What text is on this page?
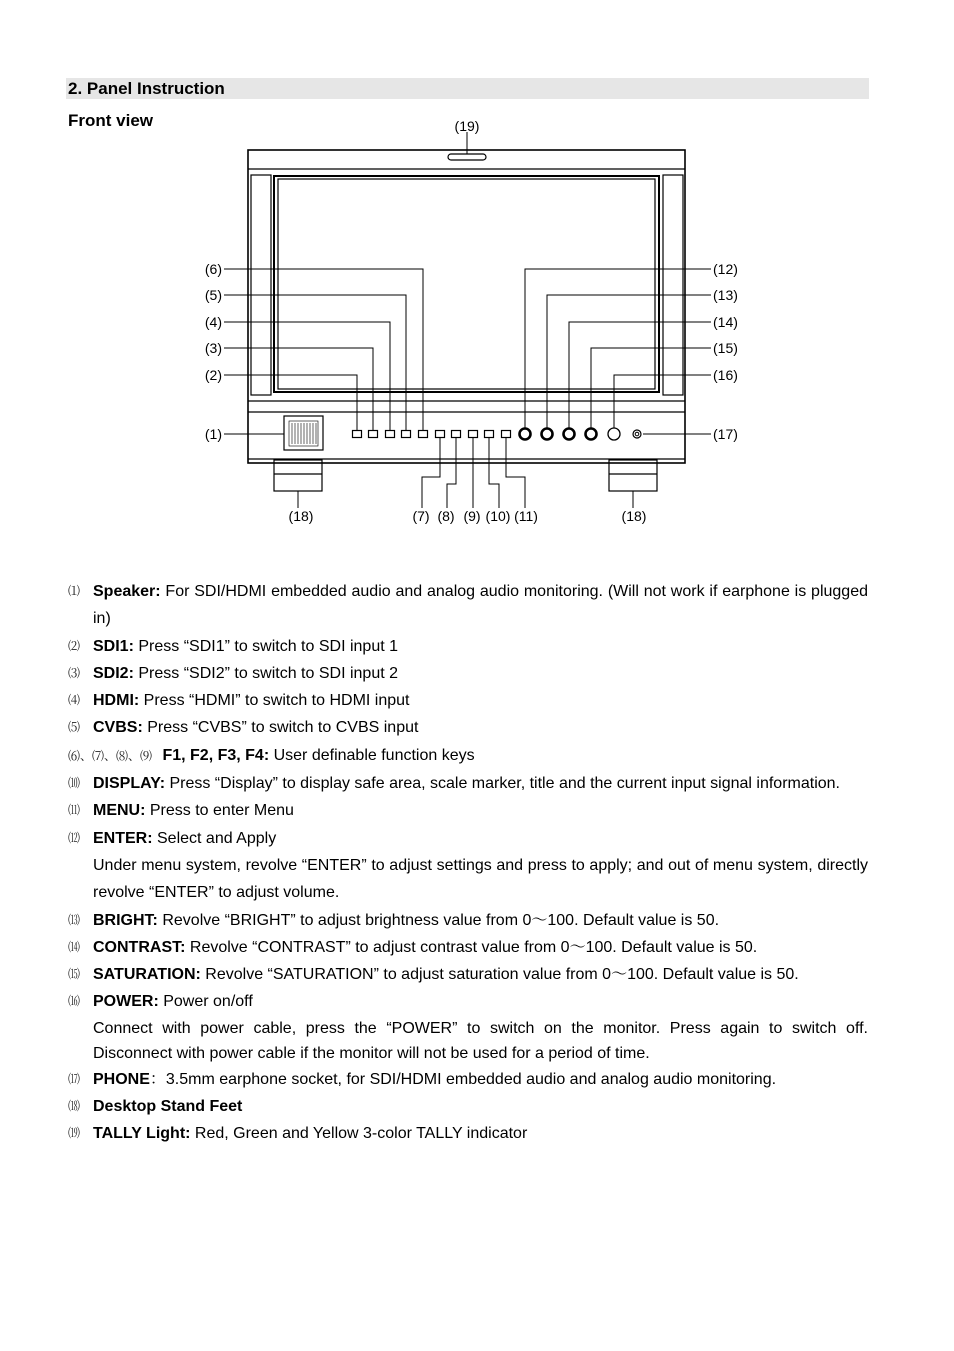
2. Panel Instruction
Front view
(6)
(5)
(4)
(3)
(2)
(1)
(12)
(13)
(14)
(15)
(16)
(17)
(19)
(18)	(18)
(7) (8) (9) (10) (11)
⑴ Speaker: For SDI/HDMI embedded audio and analog audio monitoring. (Will not work if earphone is plugged in)
⑵ SDI1: Press “SDI1” to switch to SDI input 1
⑶ SDI2: Press “SDI2” to switch to SDI input 2
⑷ HDMI: Press “HDMI” to switch to HDMI input
⑸ CVBS: Press “CVBS” to switch to CVBS input
⑹、⑺、⑻、⑼ F1, F2, F3, F4: User definable function keys
⑽ DISPLAY: Press “Display” to display safe area, scale marker, title and the current input signal information.
⑾ MENU: Press to enter Menu
⑿ ENTER: Select and Apply
Under menu system, revolve “ENTER” to adjust settings and press to apply; and out of menu system, directly revolve “ENTER” to adjust volume.
⒀ BRIGHT: Revolve “BRIGHT” to adjust brightness value from 0～100. Default value is 50.
⒁ CONTRAST: Revolve “CONTRAST” to adjust contrast value from 0～100. Default value is 50.
⒂ SATURATION: Revolve “SATURATION” to adjust saturation value from 0～100. Default value is 50.
⒃ POWER: Power on/off
Connect with power cable, press the “POWER” to switch on the monitor. Press again to switch off. Disconnect with power cable if the monitor will not be used for a period of time.
⒄ PHONE：3.5mm earphone socket, for SDI/HDMI embedded audio and analog audio monitoring.
⒅ Desktop Stand Feet
⒆ TALLY Light: Red, Green and Yellow 3-color TALLY indicator
